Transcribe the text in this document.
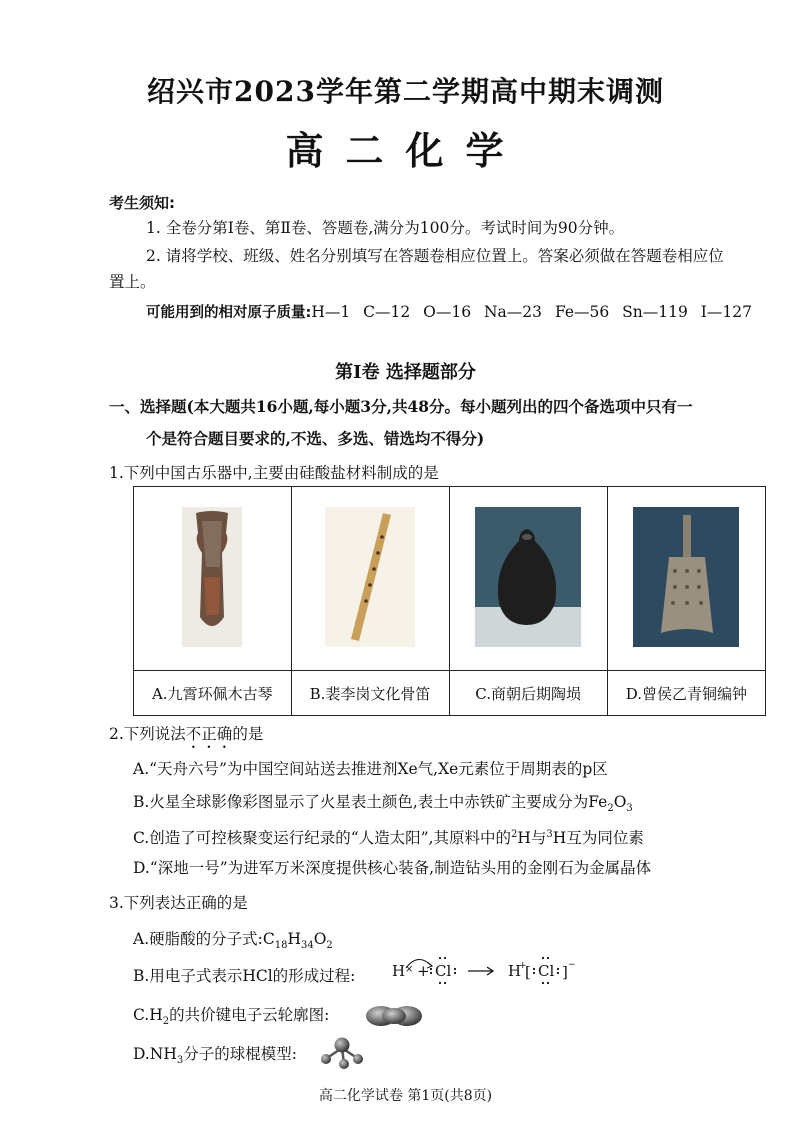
绍兴市2023学年第二学期高中期末调测
高二化学
考生须知:
1. 全卷分第Ⅰ卷、第Ⅱ卷、答题卷,满分为100分。考试时间为90分钟。
2. 请将学校、班级、姓名分别填写在答题卷相应位置上。答案必须做在答题卷相应位
置上。
可能用到的相对原子质量:H—1 C—12 O—16 Na—23 Fe—56 Sn—119 I—127
第Ⅰ卷 选择题部分
一、选择题(本大题共16小题,每小题3分,共48分。每小题列出的四个备选项中只有一
个是符合题目要求的,不选、多选、错选均不得分)
1.下列中国古乐器中,主要由硅酸盐材料制成的是

A.九霄环佩木古琴	B.裴李岗文化骨笛	C.商朝后期陶埙	D.曾侯乙青铜编钟
2.下列说法不正确的是
A.“天舟六号”为中国空间站送去推进剂Xe气,Xe元素位于周期表的p区
B.火星全球影像彩图显示了火星表土颜色,表土中赤铁矿主要成分为$Fe_2O_3$
C.创造了可控核聚变运行纪录的“人造太阳”,其原料中的$^2$H与$^3$H互为同位素
D.“深地一号”为进军万米深度提供核心装备,制造钻头用的金刚石为金属晶体
3.下列表达正确的是
A.硬脂酸的分子式$:C_{18}H_{34}O_2$
B.用电子式表示HCl的形成过程: H × + Cl	H
+
[ Cl ] −
$C.H_2$的共价键电子云轮廓图:
$D.NH_3$分子的球棍模型:
高二化学试卷 第1页(共8页)
